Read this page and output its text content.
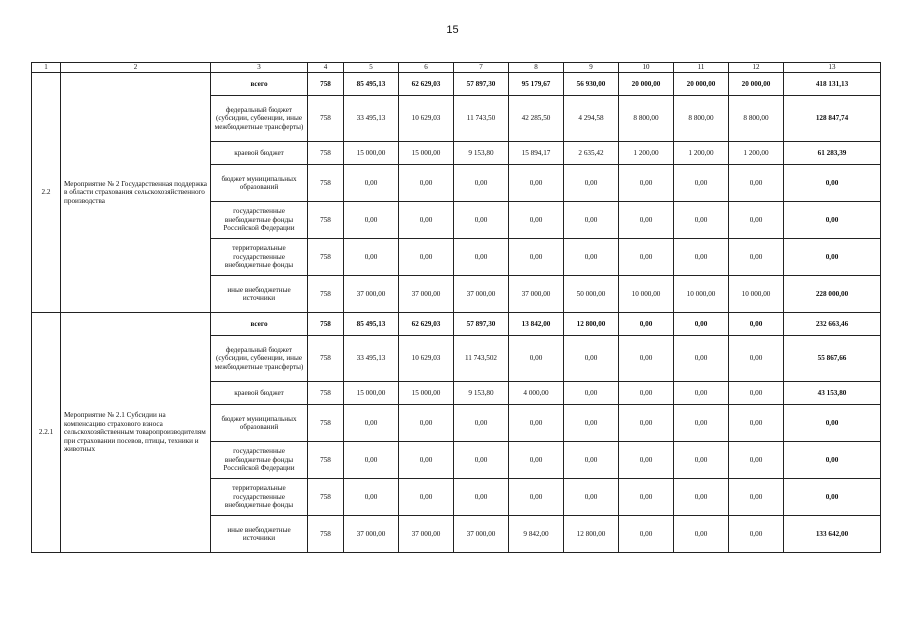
15
1	2	3	4	5	6	7	8	9	10	11	12	13
2.2	Мероприятие № 2 Государственная поддержка в области страхования сельскохозяйственного производства	всего	758	85 495,13	62 629,03	57 897,30	95 179,67	56 930,00	20 000,00	20 000,00	20 000,00	418 131,13
		федеральный бюджет (субсидии, субвенции, иные межбюджетные трансферты)	758	33 495,13	10 629,03	11 743,50	42 285,50	4 294,58	8 800,00	8 800,00	8 800,00	128 847,74
		краевой бюджет	758	15 000,00	15 000,00	9 153,80	15 894,17	2 635,42	1 200,00	1 200,00	1 200,00	61 283,39
		бюджет муниципальных образований	758	0,00	0,00	0,00	0,00	0,00	0,00	0,00	0,00	0,00
		государственные внебюджетные фонды Российской Федерации	758	0,00	0,00	0,00	0,00	0,00	0,00	0,00	0,00	0,00
		территориальные государственные внебюджетные фонды	758	0,00	0,00	0,00	0,00	0,00	0,00	0,00	0,00	0,00
		иные внебюджетные источники	758	37 000,00	37 000,00	37 000,00	37 000,00	50 000,00	10 000,00	10 000,00	10 000,00	228 000,00
2.2.1	Мероприятие № 2.1 Субсидии на компенсацию страхового взноса сельскохозяйственным товаропроизводителям при страховании посевов, птицы, техники и животных	всего	758	85 495,13	62 629,03	57 897,30	13 842,00	12 800,00	0,00	0,00	0,00	232 663,46
		федеральный бюджет (субсидии, субвенции, иные межбюджетные трансферты)	758	33 495,13	10 629,03	11 743,502	0,00	0,00	0,00	0,00	0,00	55 867,66
		краевой бюджет	758	15 000,00	15 000,00	9 153,80	4 000,00	0,00	0,00	0,00	0,00	43 153,80
		бюджет муниципальных образований	758	0,00	0,00	0,00	0,00	0,00	0,00	0,00	0,00	0,00
		государственные внебюджетные фонды Российской Федерации	758	0,00	0,00	0,00	0,00	0,00	0,00	0,00	0,00	0,00
		территориальные государственные внебюджетные фонды	758	0,00	0,00	0,00	0,00	0,00	0,00	0,00	0,00	0,00
		иные внебюджетные источники	758	37 000,00	37 000,00	37 000,00	9 842,00	12 800,00	0,00	0,00	0,00	133 642,00
